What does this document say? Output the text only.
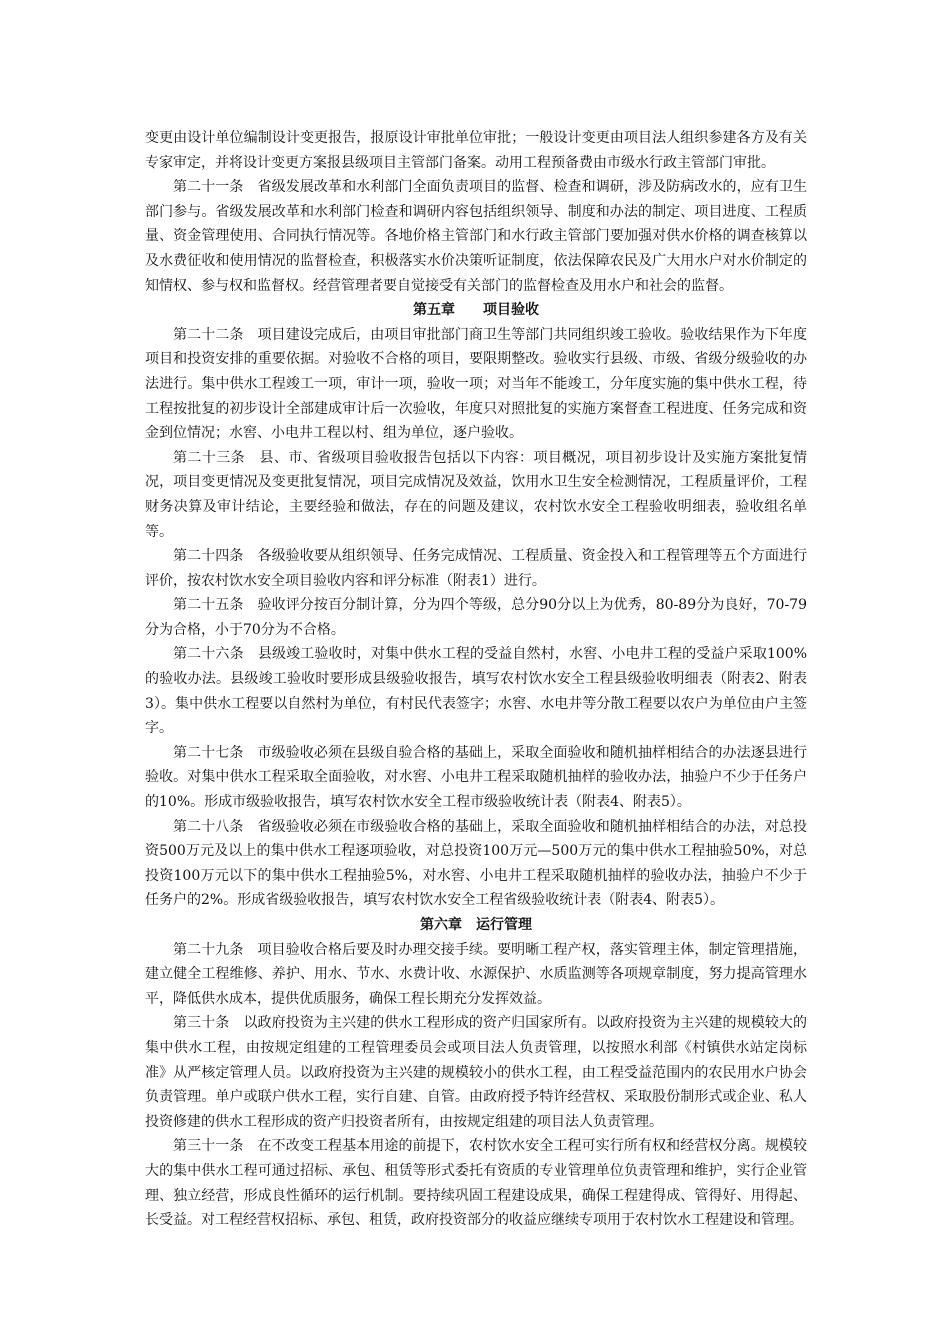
变更由设计单位编制设计变更报告，报原设计审批单位审批；一般设计变更由项目法人组织参建各方及有关专家审定，并将设计变更方案报县级项目主管部门备案。动用工程预备费由市级水行政主管部门审批。

第二十一条　省级发展改革和水利部门全面负责项目的监督、检查和调研，涉及防病改水的，应有卫生部门参与。省级发展改革和水利部门检查和调研内容包括组织领导、制度和办法的制定、项目进度、工程质量、资金管理使用、合同执行情况等。各地价格主管部门和水行政主管部门要加强对供水价格的调查核算以及水费征收和使用情况的监督检查，积极落实水价决策听证制度，依法保障农民及广大用水户对水价制定的知情权、参与权和监督权。经营管理者要自觉接受有关部门的监督检查及用水户和社会的监督。

第五章　　项目验收

第二十二条　项目建设完成后，由项目审批部门商卫生等部门共同组织竣工验收。验收结果作为下年度项目和投资安排的重要依据。对验收不合格的项目，要限期整改。验收实行县级、市级、省级分级验收的办法进行。集中供水工程竣工一项，审计一项，验收一项；对当年不能竣工，分年度实施的集中供水工程，待工程按批复的初步设计全部建成审计后一次验收，年度只对照批复的实施方案督查工程进度、任务完成和资金到位情况；水窖、小电井工程以村、组为单位，逐户验收。

第二十三条　县、市、省级项目验收报告包括以下内容：项目概况，项目初步设计及实施方案批复情况，项目变更情况及变更批复情况，项目完成情况及效益，饮用水卫生安全检测情况，工程质量评价，工程财务决算及审计结论，主要经验和做法，存在的问题及建议，农村饮水安全工程验收明细表，验收组名单等。

第二十四条　各级验收要从组织领导、任务完成情况、工程质量、资金投入和工程管理等五个方面进行评价，按农村饮水安全项目验收内容和评分标准（附表1）进行。

第二十五条　验收评分按百分制计算，分为四个等级，总分90分以上为优秀，80-89分为良好，70-79分为合格，小于70分为不合格。

第二十六条　县级竣工验收时，对集中供水工程的受益自然村，水窖、小电井工程的受益户采取100%的验收办法。县级竣工验收时要形成县级验收报告，填写农村饮水安全工程县级验收明细表（附表2、附表3）。集中供水工程要以自然村为单位，有村民代表签字；水窖、水电井等分散工程要以农户为单位由户主签字。

第二十七条　市级验收必须在县级自验合格的基础上，采取全面验收和随机抽样相结合的办法逐县进行验收。对集中供水工程采取全面验收，对水窖、小电井工程采取随机抽样的验收办法，抽验户不少于任务户的10%。形成市级验收报告，填写农村饮水安全工程市级验收统计表（附表4、附表5）。

第二十八条　省级验收必须在市级验收合格的基础上，采取全面验收和随机抽样相结合的办法，对总投资500万元及以上的集中供水工程逐项验收，对总投资100万元—500万元的集中供水工程抽验50%，对总投资100万元以下的集中供水工程抽验5%，对水窖、小电井工程采取随机抽样的验收办法，抽验户不少于任务户的2%。形成省级验收报告，填写农村饮水安全工程省级验收统计表（附表4、附表5）。

第六章　运行管理

第二十九条　项目验收合格后要及时办理交接手续。要明晰工程产权，落实管理主体，制定管理措施，建立健全工程维修、养护、用水、节水、水费计收、水源保护、水质监测等各项规章制度，努力提高管理水平，降低供水成本，提供优质服务，确保工程长期充分发挥效益。

第三十条　以政府投资为主兴建的供水工程形成的资产归国家所有。以政府投资为主兴建的规模较大的集中供水工程，由按规定组建的工程管理委员会或项目法人负责管理，以按照水利部《村镇供水站定岗标准》从严核定管理人员。以政府投资为主兴建的规模较小的供水工程，由工程受益范围内的农民用水户协会负责管理。单户或联户供水工程，实行自建、自管。由政府授予特许经营权、采取股份制形式或企业、私人投资修建的供水工程形成的资产归投资者所有，由按规定组建的项目法人负责管理。

第三十一条　在不改变工程基本用途的前提下，农村饮水安全工程可实行所有权和经营权分离。规模较大的集中供水工程可通过招标、承包、租赁等形式委托有资质的专业管理单位负责管理和维护，实行企业管理、独立经营，形成良性循环的运行机制。要持续巩固工程建设成果，确保工程建得成、管得好、用得起、长受益。对工程经营权招标、承包、租赁，政府投资部分的收益应继续专项用于农村饮水工程建设和管理。
